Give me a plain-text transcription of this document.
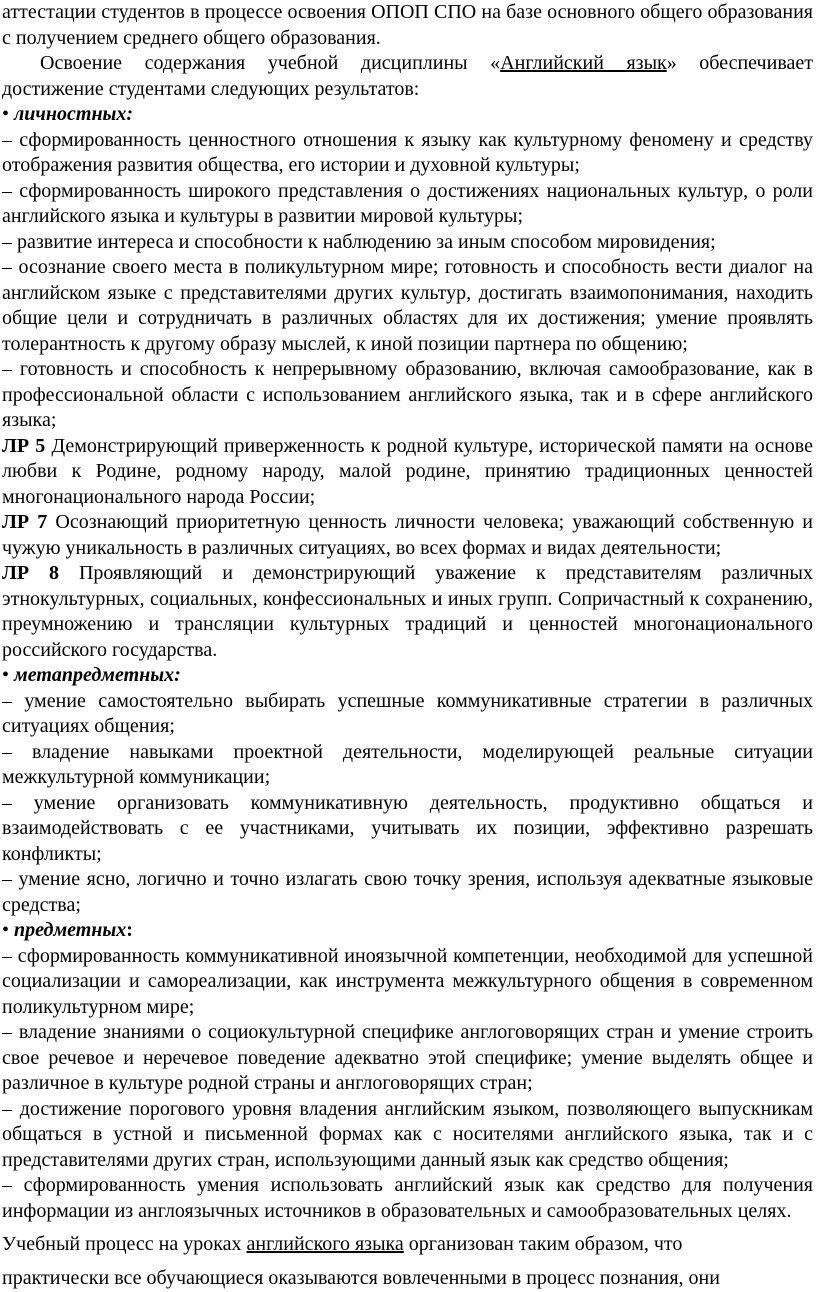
аттестации студентов в процессе освоения ОПОП СПО на базе основного общего образования с получением среднего общего образования.

Освоение содержания учебной дисциплины «Английский язык» обеспечивает достижение студентами следующих результатов:

• личностных:

– сформированность ценностного отношения к языку как культурному феномену и средству отображения развития общества, его истории и духовной культуры;

– сформированность широкого представления о достижениях национальных культур, о роли английского языка и культуры в развитии мировой культуры;

– развитие интереса и способности к наблюдению за иным способом мировидения;

– осознание своего места в поликультурном мире; готовность и способность вести диалог на английском языке с представителями других культур, достигать взаимопонимания, находить общие цели и сотрудничать в различных областях для их достижения; умение проявлять толерантность к другому образу мыслей, к иной позиции партнера по общению;

– готовность и способность к непрерывному образованию, включая самообразование, как в профессиональной области с использованием английского языка, так и в сфере английского языка;

ЛР 5 Демонстрирующий приверженность к родной культуре, исторической памяти на основе любви к Родине, родному народу, малой родине, принятию традиционных ценностей многонационального народа России;

ЛР 7 Осознающий приоритетную ценность личности человека; уважающий собственную и чужую уникальность в различных ситуациях, во всех формах и видах деятельности;

ЛР 8 Проявляющий и демонстрирующий уважение к представителям различных этнокультурных, социальных, конфессиональных и иных групп. Сопричастный к сохранению, преумножению и трансляции культурных традиций и ценностей многонационального российского государства.

• метапредметных:

– умение самостоятельно выбирать успешные коммуникативные стратегии в различных ситуациях общения;

– владение навыками проектной деятельности, моделирующей реальные ситуации межкультурной коммуникации;

– умение организовать коммуникативную деятельность, продуктивно общаться и взаимодействовать с ее участниками, учитывать их позиции, эффективно разрешать конфликты;

– умение ясно, логично и точно излагать свою точку зрения, используя адекватные языковые средства;

• предметных:

– сформированность коммуникативной иноязычной компетенции, необходимой для успешной социализации и самореализации, как инструмента межкультурного общения в современном поликультурном мире;

– владение знаниями о социокультурной специфике англоговорящих стран и умение строить свое речевое и неречевое поведение адекватно этой специфике; умение выделять общее и различное в культуре родной страны и англоговорящих стран;

– достижение порогового уровня владения английским языком, позволяющего выпускникам общаться в устной и письменной формах как с носителями английского языка, так и с представителями других стран, использующими данный язык как средство общения;

– сформированность умения использовать английский язык как средство для получения информации из англоязычных источников в образовательных и самообразовательных целях.

Учебный процесс на уроках английского языка организован таким образом, что

практически все обучающиеся оказываются вовлеченными в процесс познания, они
